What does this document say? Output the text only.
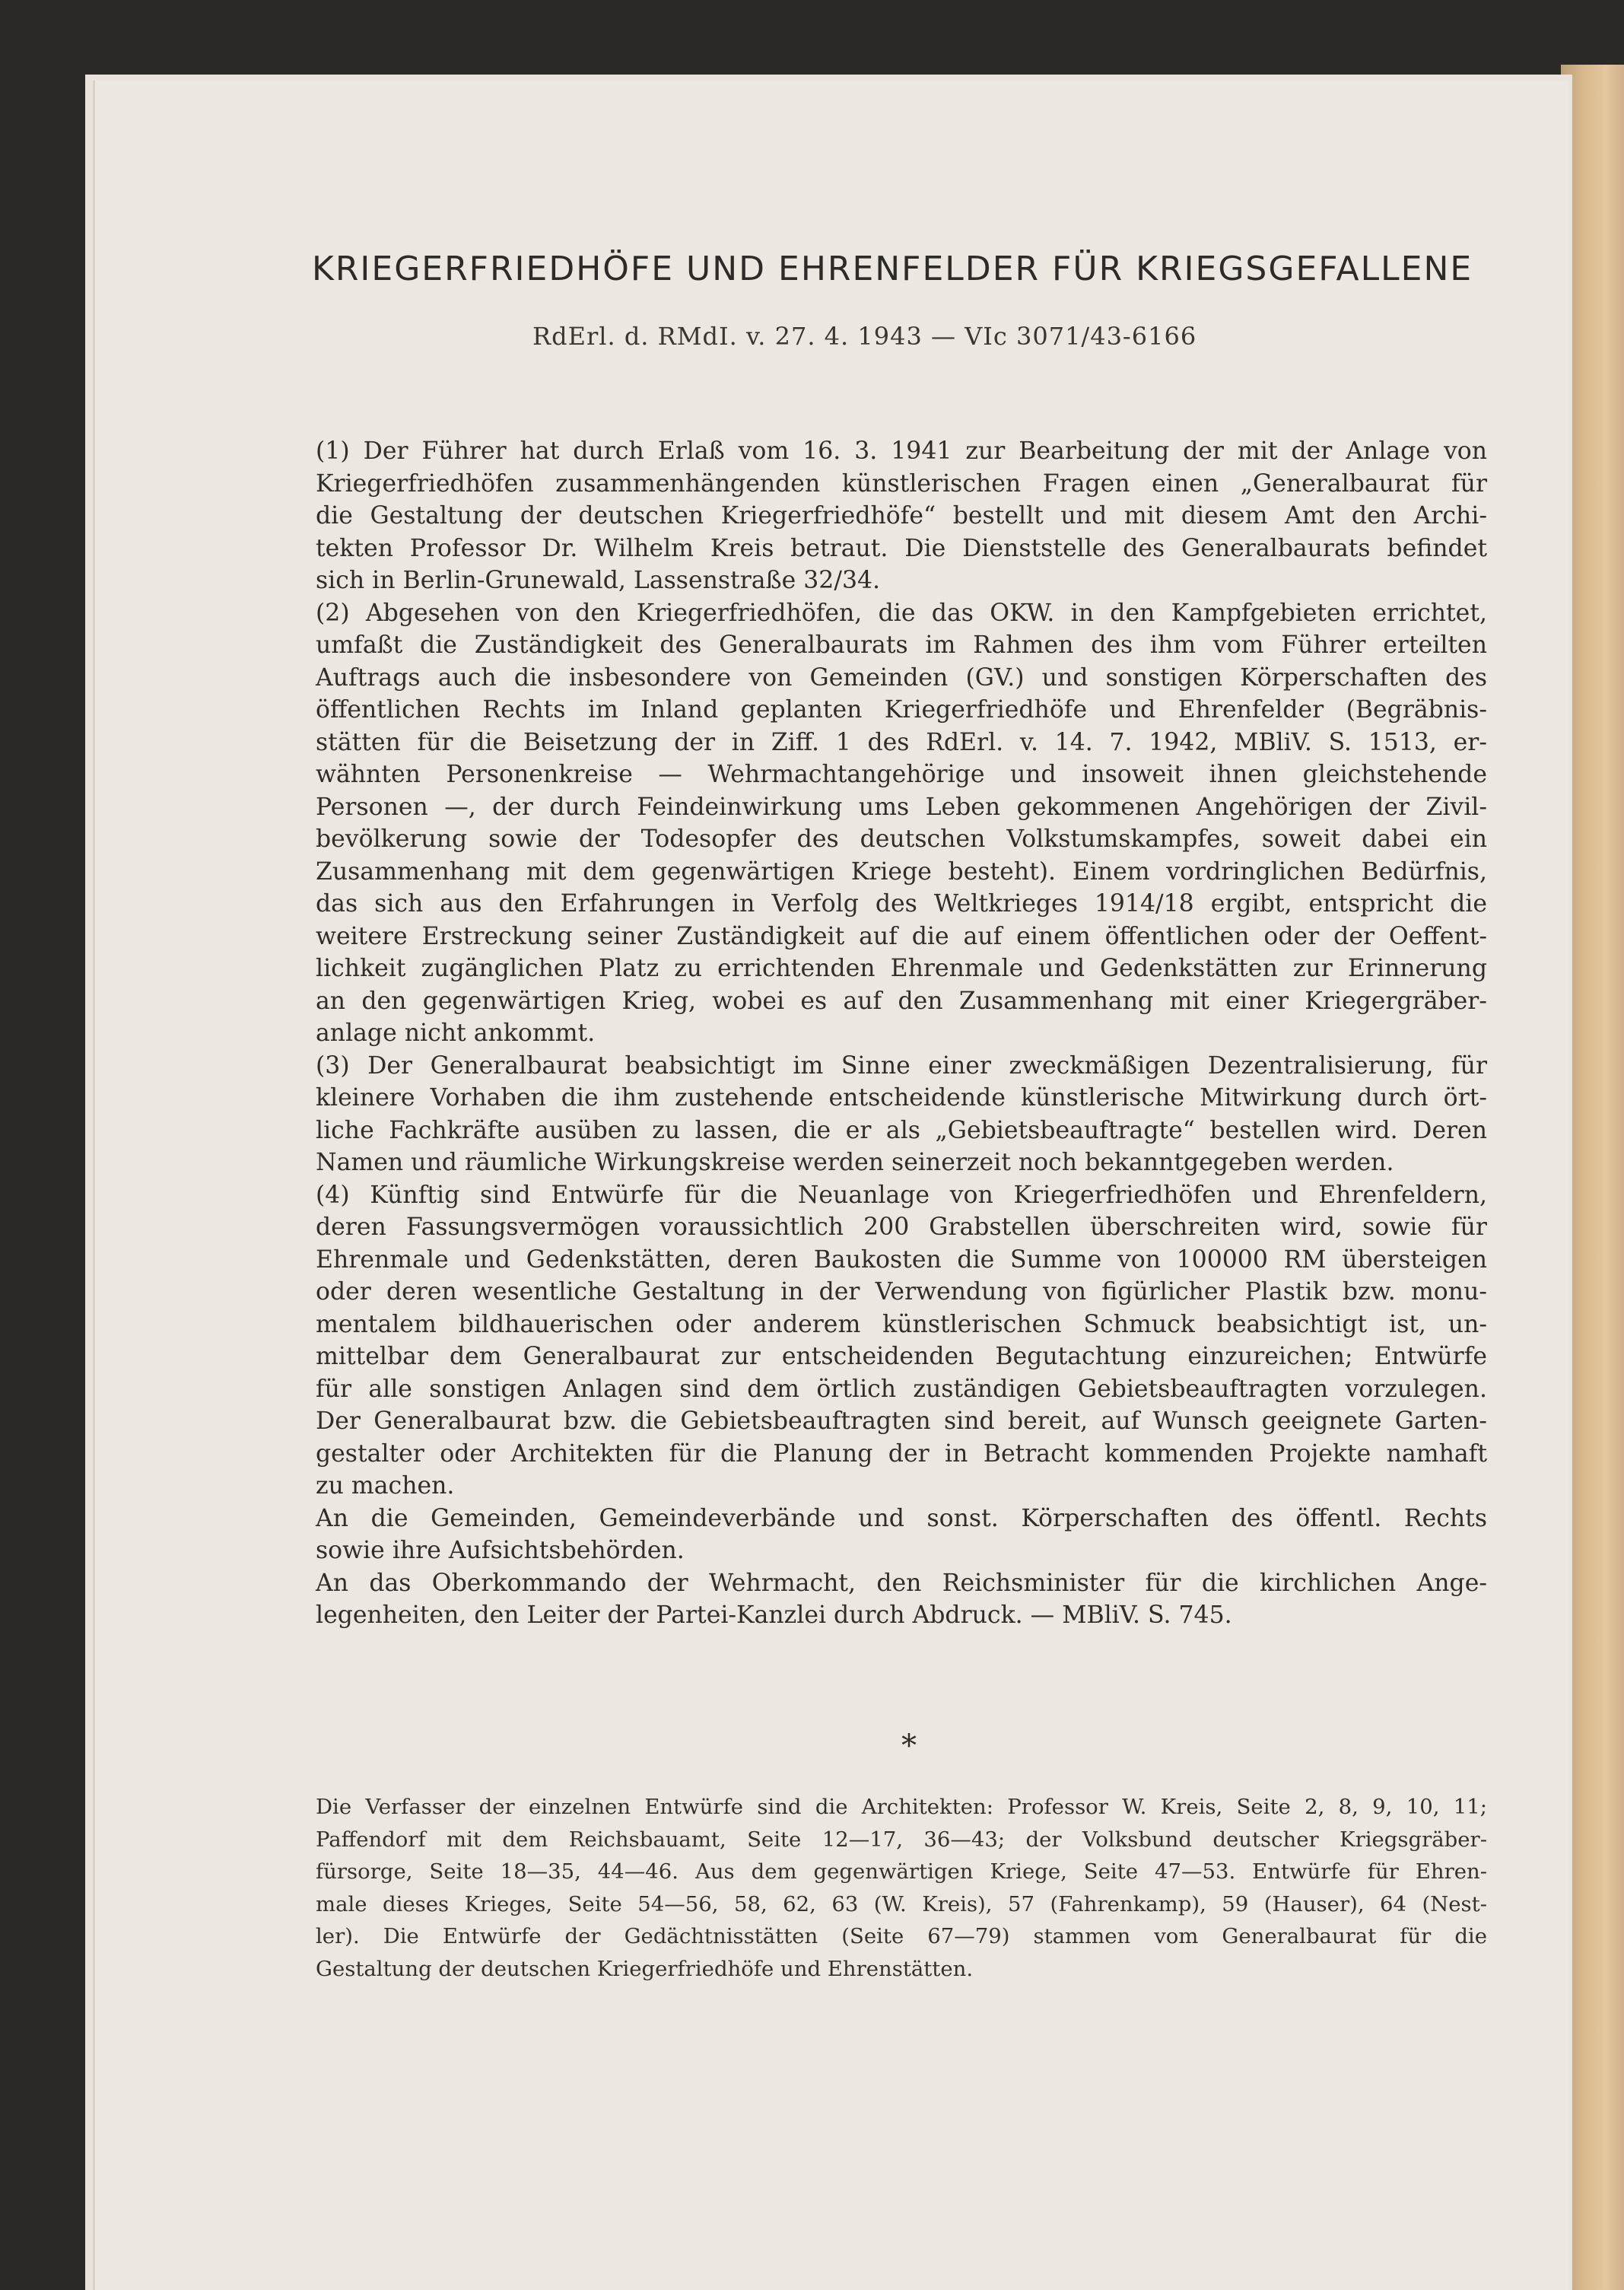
KRIEGERFRIEDHÖFE UND EHRENFELDER FÜR KRIEGSGEFALLENE
RdErl. d. RMdI. v. 27. 4. 1943 — VIc 3071/43-6166
(1) Der Führer hat durch Erlaß vom 16. 3. 1941 zur Bearbeitung der mit der Anlage von
Kriegerfriedhöfen zusammenhängenden künstlerischen Fragen einen „Generalbaurat für
die Gestaltung der deutschen Kriegerfriedhöfe“ bestellt und mit diesem Amt den Archi-
tekten Professor Dr. Wilhelm Kreis betraut. Die Dienststelle des Generalbaurats befindet
sich in Berlin-Grunewald, Lassenstraße 32/34.
(2) Abgesehen von den Kriegerfriedhöfen, die das OKW. in den Kampfgebieten errichtet,
umfaßt die Zuständigkeit des Generalbaurats im Rahmen des ihm vom Führer erteilten
Auftrags auch die insbesondere von Gemeinden (GV.) und sonstigen Körperschaften des
öffentlichen Rechts im Inland geplanten Kriegerfriedhöfe und Ehrenfelder (Begräbnis-
stätten für die Beisetzung der in Ziff. 1 des RdErl. v. 14. 7. 1942, MBliV. S. 1513, er-
wähnten Personenkreise — Wehrmachtangehörige und insoweit ihnen gleichstehende
Personen —, der durch Feindeinwirkung ums Leben gekommenen Angehörigen der Zivil-
bevölkerung sowie der Todesopfer des deutschen Volkstumskampfes, soweit dabei ein
Zusammenhang mit dem gegenwärtigen Kriege besteht). Einem vordringlichen Bedürfnis,
das sich aus den Erfahrungen in Verfolg des Weltkrieges 1914/18 ergibt, entspricht die
weitere Erstreckung seiner Zuständigkeit auf die auf einem öffentlichen oder der Oeffent-
lichkeit zugänglichen Platz zu errichtenden Ehrenmale und Gedenkstätten zur Erinnerung
an den gegenwärtigen Krieg, wobei es auf den Zusammenhang mit einer Kriegergräber-
anlage nicht ankommt.
(3) Der Generalbaurat beabsichtigt im Sinne einer zweckmäßigen Dezentralisierung, für
kleinere Vorhaben die ihm zustehende entscheidende künstlerische Mitwirkung durch ört-
liche Fachkräfte ausüben zu lassen, die er als „Gebietsbeauftragte“ bestellen wird. Deren
Namen und räumliche Wirkungskreise werden seinerzeit noch bekanntgegeben werden.
(4) Künftig sind Entwürfe für die Neuanlage von Kriegerfriedhöfen und Ehrenfeldern,
deren Fassungsvermögen voraussichtlich 200 Grabstellen überschreiten wird, sowie für
Ehrenmale und Gedenkstätten, deren Baukosten die Summe von 100000 RM übersteigen
oder deren wesentliche Gestaltung in der Verwendung von figürlicher Plastik bzw. monu-
mentalem bildhauerischen oder anderem künstlerischen Schmuck beabsichtigt ist, un-
mittelbar dem Generalbaurat zur entscheidenden Begutachtung einzureichen; Entwürfe
für alle sonstigen Anlagen sind dem örtlich zuständigen Gebietsbeauftragten vorzulegen.
Der Generalbaurat bzw. die Gebietsbeauftragten sind bereit, auf Wunsch geeignete Garten-
gestalter oder Architekten für die Planung der in Betracht kommenden Projekte namhaft
zu machen.
An die Gemeinden, Gemeindeverbände und sonst. Körperschaften des öffentl. Rechts
sowie ihre Aufsichtsbehörden.
An das Oberkommando der Wehrmacht, den Reichsminister für die kirchlichen Ange-
legenheiten, den Leiter der Partei-Kanzlei durch Abdruck. — MBliV. S. 745.
*
Die Verfasser der einzelnen Entwürfe sind die Architekten: Professor W. Kreis, Seite 2, 8, 9, 10, 11;
Paffendorf mit dem Reichsbauamt, Seite 12—17, 36—43; der Volksbund deutscher Kriegsgräber-
fürsorge, Seite 18—35, 44—46. Aus dem gegenwärtigen Kriege, Seite 47—53. Entwürfe für Ehren-
male dieses Krieges, Seite 54—56, 58, 62, 63 (W. Kreis), 57 (Fahrenkamp), 59 (Hauser), 64 (Nest-
ler). Die Entwürfe der Gedächtnisstätten (Seite 67—79) stammen vom Generalbaurat für die
Gestaltung der deutschen Kriegerfriedhöfe und Ehrenstätten.
